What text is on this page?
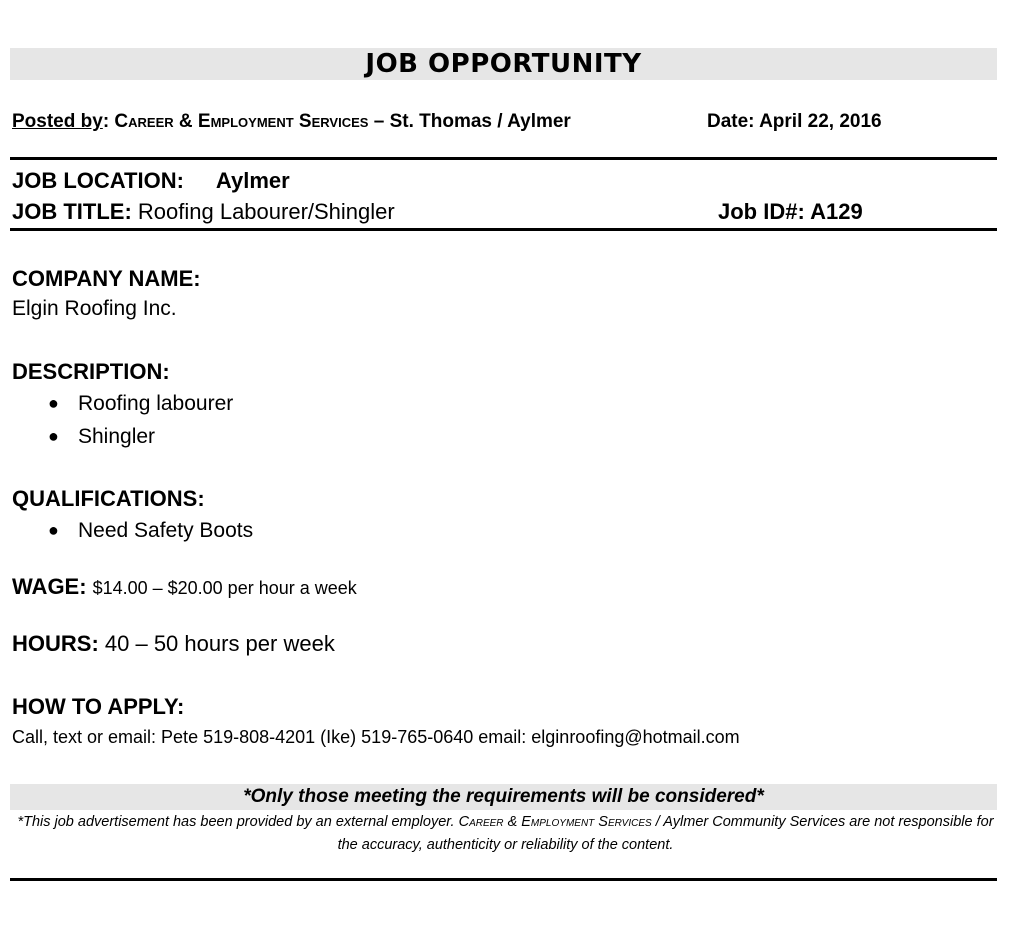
JOB OPPORTUNITY
Posted by: Career & Employment Services – St. Thomas / Aylmer	Date: April 22, 2016
JOB LOCATION: Aylmer
JOB TITLE: Roofing Labourer/Shingler	Job ID#: A129
COMPANY NAME:
Elgin Roofing Inc.
DESCRIPTION:
● Roofing labourer
● Shingler
QUALIFICATIONS:
● Need Safety Boots
WAGE: $14.00 – $20.00 per hour a week
HOURS: 40 – 50 hours per week
HOW TO APPLY:
Call, text or email: Pete 519-808-4201 (Ike) 519-765-0640 email: elginroofing@hotmail.com
*Only those meeting the requirements will be considered*
*This job advertisement has been provided by an external employer. Career & Employment Services / Aylmer Community Services are not responsible for the accuracy, authenticity or reliability of the content.
